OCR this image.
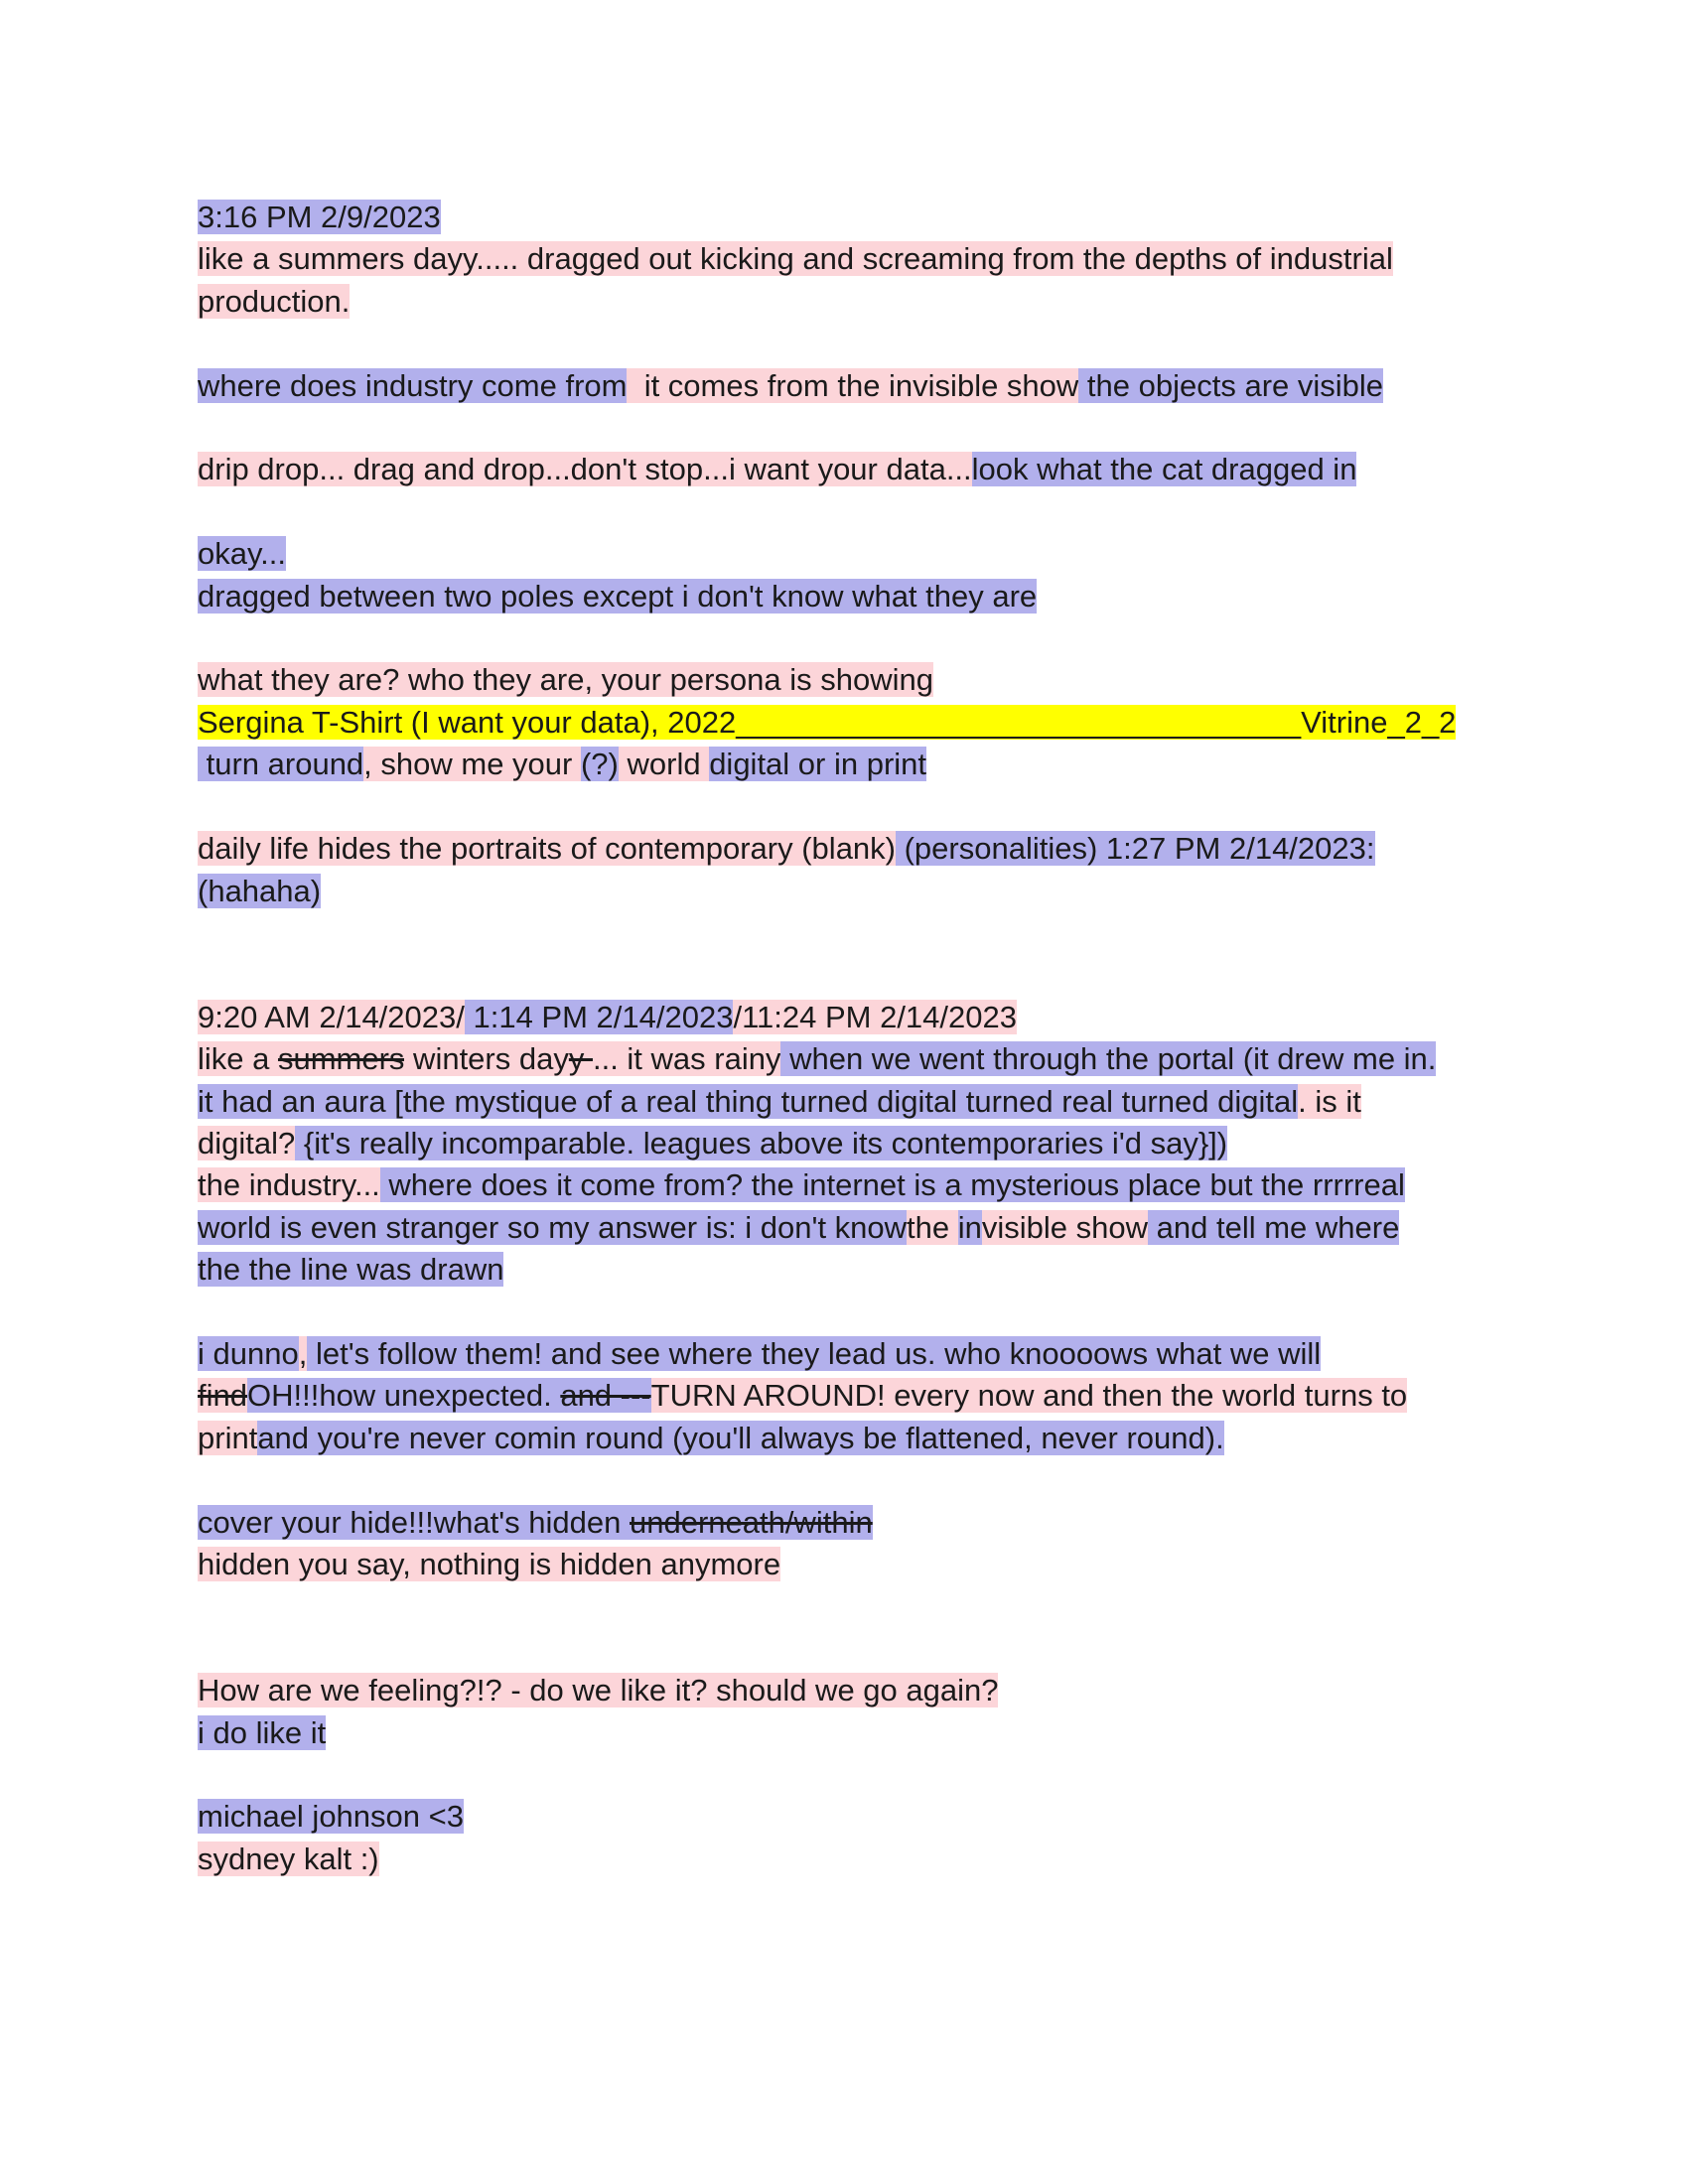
3:16 PM 2/9/2023
like a summers dayy..... dragged out kicking and screaming from the depths of industrial
production.

where does industry come from  it comes from the invisible show the objects are visible

drip drop... drag and drop...don't stop...i want your data...look what the cat dragged in

okay...
dragged between two poles except i don't know what they are

what they are? who they are, your persona is showing
Sergina T-Shirt (I want your data), 2022_________________________________Vitrine_2_2
turn around, show me your (?) world digital or in print

daily life hides the portraits of contemporary (blank) (personalities) 1:27 PM 2/14/2023:
(hahaha)

9:20 AM 2/14/2023/ 1:14 PM 2/14/2023/11:24 PM 2/14/2023
like a summers winters dayy ... it was rainy when we went through the portal (it drew me in.
it had an aura [the mystique of a real thing turned digital turned real turned digital. is it
digital? {it's really incomparable. leagues above its contemporaries i'd say}])
the industry... where does it come from? the internet is a mysterious place but the rrrrreal
world is even stranger so my answer is: i don't knowthe invisible show and tell me where
the the line was drawn

i dunno, let's follow them! and see where they lead us. who knoooows what we will
findOH!!!how unexpected. and ---TURN AROUND! every now and then the world turns to
printand you're never comin round (you'll always be flattened, never round).

cover your hide!!!what's hidden underneath/within
hidden you say, nothing is hidden anymore

How are we feeling?!? - do we like it? should we go again?
i do like it

michael johnson <3
sydney kalt :)
